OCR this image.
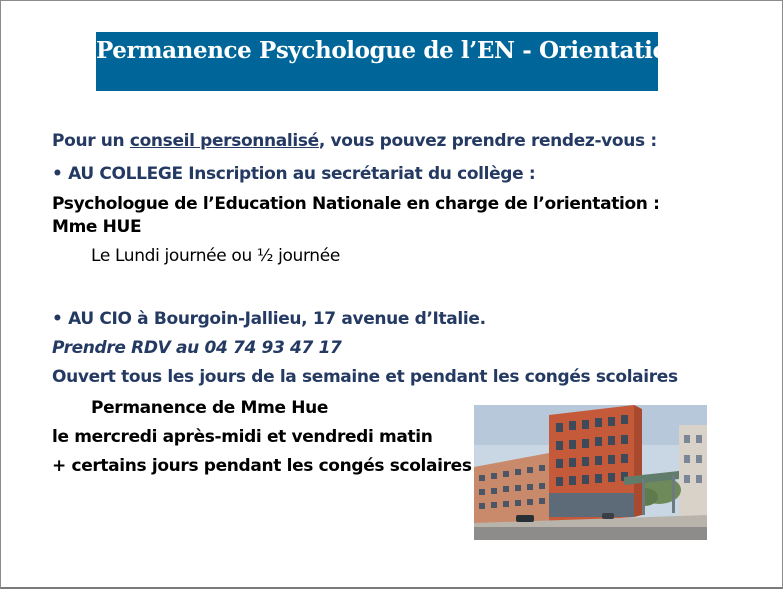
Permanence Psychologue de l’EN - Orientation
Pour un conseil personnalisé, vous pouvez prendre rendez-vous :
• AU COLLEGE Inscription au secrétariat du collège :
Psychologue de l’Education Nationale en charge de l’orientation :
Mme HUE
Le Lundi journée ou ½ journée
• AU CIO à Bourgoin-Jallieu, 17 avenue d’Italie.
Prendre RDV au 04 74 93 47 17
Ouvert tous les jours de la semaine et pendant les congés scolaires
Permanence de Mme Hue
le mercredi après-midi et vendredi matin
+ certains jours pendant les congés scolaires
